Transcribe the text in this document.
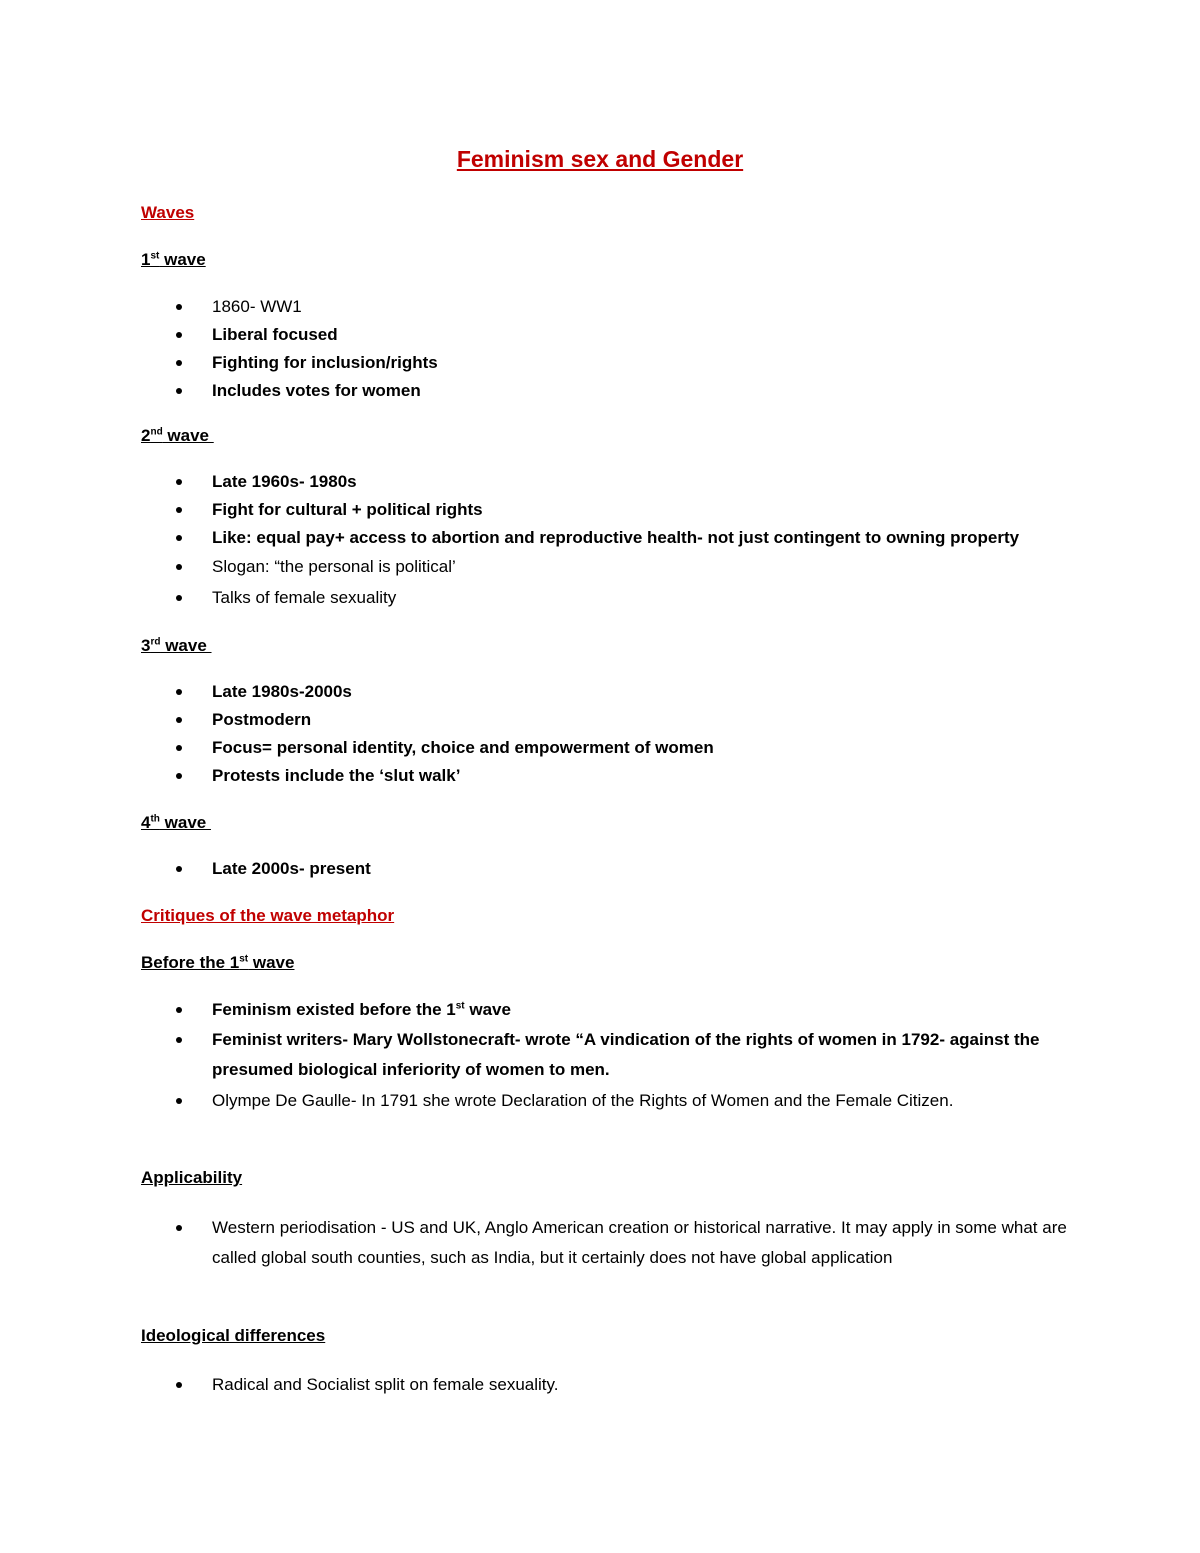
Feminism sex and Gender
Waves
1st wave
1860- WW1
Liberal focused
Fighting for inclusion/rights
Includes votes for women
2nd wave
Late 1960s- 1980s
Fight for cultural + political rights
Like: equal pay+ access to abortion and reproductive health- not just contingent to owning property
Slogan: “the personal is political’
Talks of female sexuality
3rd wave
Late 1980s-2000s
Postmodern
Focus= personal identity, choice and empowerment of women
Protests include the ‘slut walk’
4th wave
Late 2000s- present
Critiques of the wave metaphor
Before the 1st wave
Feminism existed before the 1st wave
Feminist writers- Mary Wollstonecraft- wrote “A vindication of the rights of women in 1792- against the presumed biological inferiority of women to men.
Olympe De Gaulle- In 1791 she wrote Declaration of the Rights of Women and the Female Citizen.
Applicability
Western periodisation - US and UK, Anglo American creation or historical narrative. It may apply in some what are called global south counties, such as India, but it certainly does not have global application
Ideological differences
Radical and Socialist split on female sexuality.
